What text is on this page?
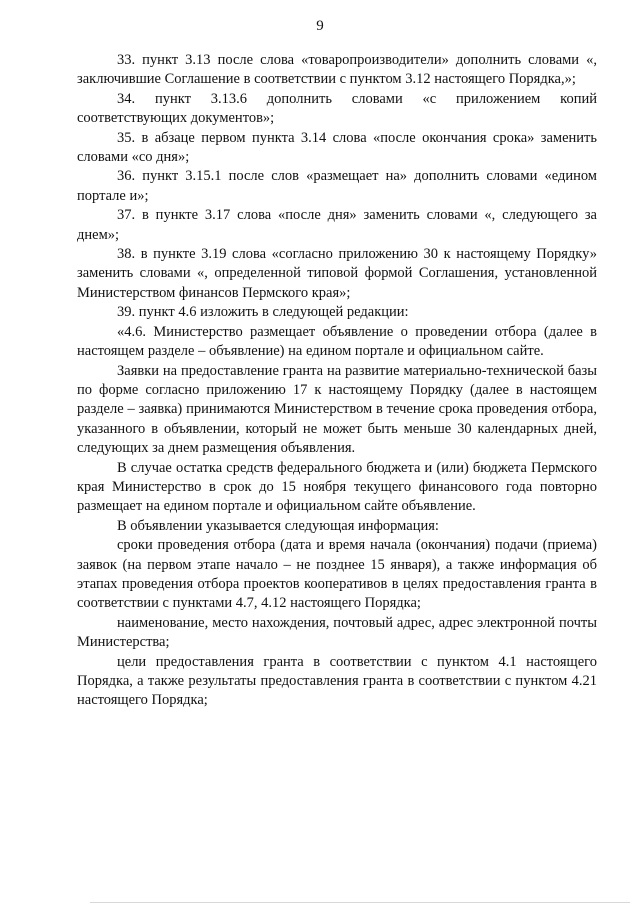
9

33. пункт 3.13 после слова «товаропроизводители» дополнить словами «, заключившие Соглашение в соответствии с пунктом 3.12 настоящего Порядка,»;

34. пункт 3.13.6 дополнить словами «с приложением копий соответствующих документов»;

35. в абзаце первом пункта 3.14 слова «после окончания срока» заменить словами «со дня»;

36. пункт 3.15.1 после слов «размещает на» дополнить словами «едином портале и»;

37. в пункте 3.17 слова «после дня» заменить словами «, следующего за днем»;

38. в пункте 3.19 слова «согласно приложению 30 к настоящему Порядку» заменить словами «, определенной типовой формой Соглашения, установленной Министерством финансов Пермского края»;

39. пункт 4.6 изложить в следующей редакции:

«4.6. Министерство размещает объявление о проведении отбора (далее в настоящем разделе – объявление) на едином портале и официальном сайте.

Заявки на предоставление гранта на развитие материально-технической базы по форме согласно приложению 17 к настоящему Порядку (далее в настоящем разделе – заявка) принимаются Министерством в течение срока проведения отбора, указанного в объявлении, который не может быть меньше 30 календарных дней, следующих за днем размещения объявления.

В случае остатка средств федерального бюджета и (или) бюджета Пермского края Министерство в срок до 15 ноября текущего финансового года повторно размещает на едином портале и официальном сайте объявление.

В объявлении указывается следующая информация:

сроки проведения отбора (дата и время начала (окончания) подачи (приема) заявок (на первом этапе начало – не позднее 15 января), а также информация об этапах проведения отбора проектов кооперативов в целях предоставления гранта в соответствии с пунктами 4.7, 4.12 настоящего Порядка;

наименование, место нахождения, почтовый адрес, адрес электронной почты Министерства;

цели предоставления гранта в соответствии с пунктом 4.1 настоящего Порядка, а также результаты предоставления гранта в соответствии с пунктом 4.21 настоящего Порядка;
